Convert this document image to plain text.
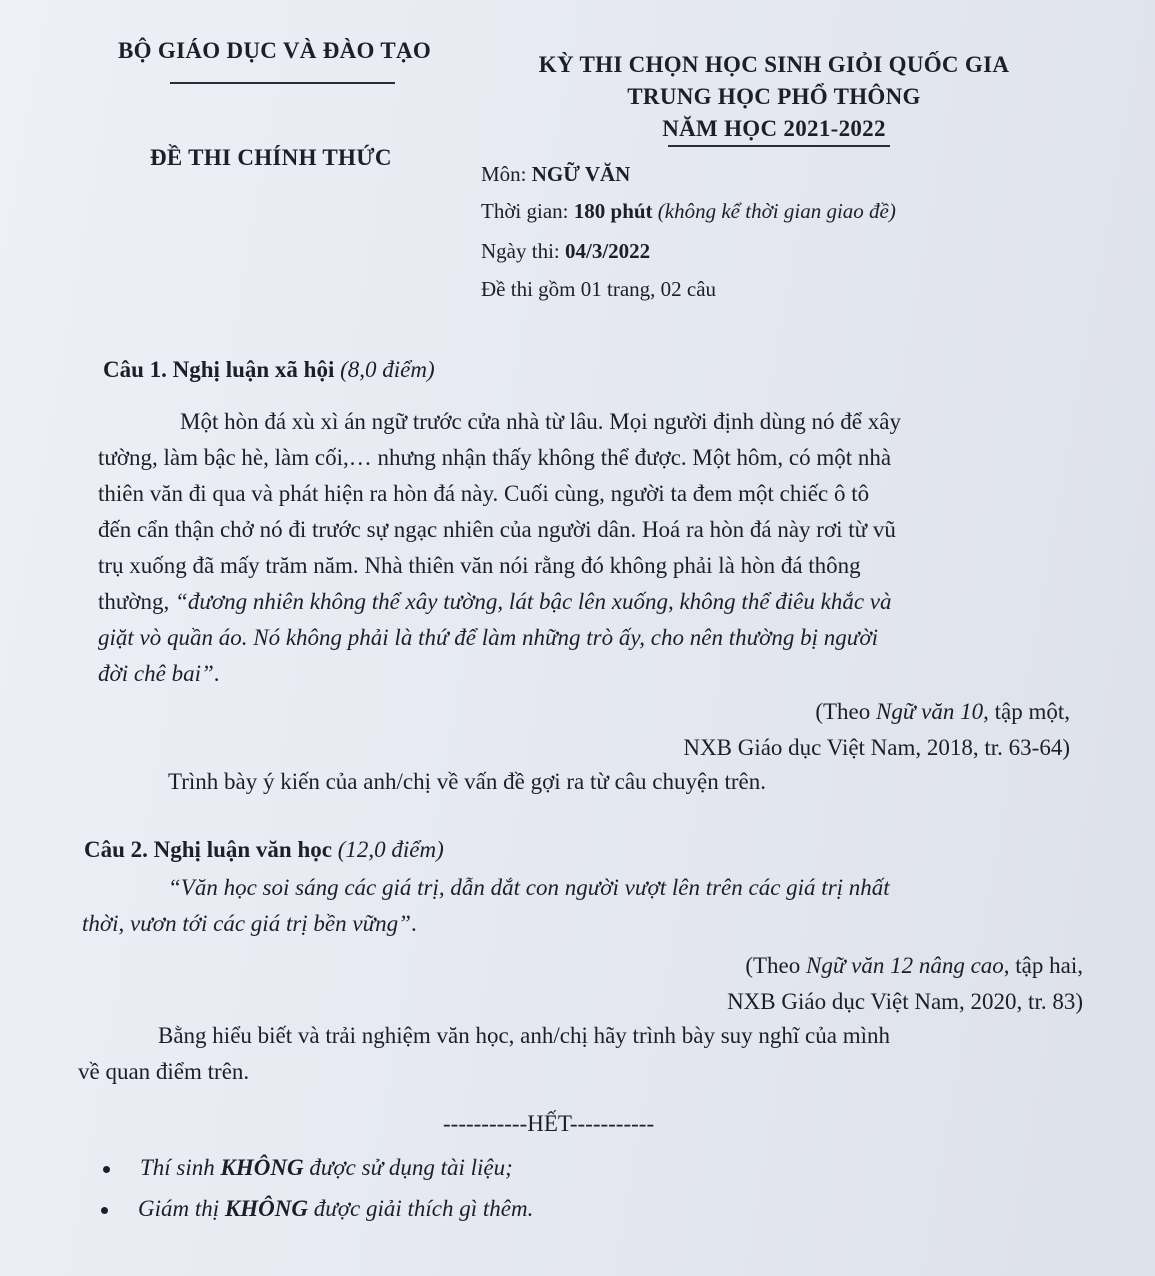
BỘ GIÁO DỤC VÀ ĐÀO TẠO
ĐỀ THI CHÍNH THỨC
KỲ THI CHỌN HỌC SINH GIỎI QUỐC GIA
TRUNG HỌC PHỔ THÔNG
NĂM HỌC 2021-2022
Môn: NGỮ VĂN
Thời gian: 180 phút (không kể thời gian giao đề)
Ngày thi: 04/3/2022
Đề thi gồm 01 trang, 02 câu
Câu 1. Nghị luận xã hội (8,0 điểm)
Một hòn đá xù xì án ngữ trước cửa nhà từ lâu. Mọi người định dùng nó để xây
tường, làm bậc hè, làm cối,… nhưng nhận thấy không thể được. Một hôm, có một nhà
thiên văn đi qua và phát hiện ra hòn đá này. Cuối cùng, người ta đem một chiếc ô tô
đến cẩn thận chở nó đi trước sự ngạc nhiên của người dân. Hoá ra hòn đá này rơi từ vũ
trụ xuống đã mấy trăm năm. Nhà thiên văn nói rằng đó không phải là hòn đá thông
thường, “đương nhiên không thể xây tường, lát bậc lên xuống, không thể điêu khắc và
giặt vò quần áo. Nó không phải là thứ để làm những trò ấy, cho nên thường bị người
đời chê bai”.
(Theo Ngữ văn 10, tập một,
NXB Giáo dục Việt Nam, 2018, tr. 63-64)
Trình bày ý kiến của anh/chị về vấn đề gợi ra từ câu chuyện trên.
Câu 2. Nghị luận văn học (12,0 điểm)
“Văn học soi sáng các giá trị, dẫn dắt con người vượt lên trên các giá trị nhất
thời, vươn tới các giá trị bền vững”.
(Theo Ngữ văn 12 nâng cao, tập hai,
NXB Giáo dục Việt Nam, 2020, tr. 83)
Bằng hiểu biết và trải nghiệm văn học, anh/chị hãy trình bày suy nghĩ của mình
về quan điểm trên.
-----------HẾT-----------
Thí sinh KHÔNG được sử dụng tài liệu;
Giám thị KHÔNG được giải thích gì thêm.
